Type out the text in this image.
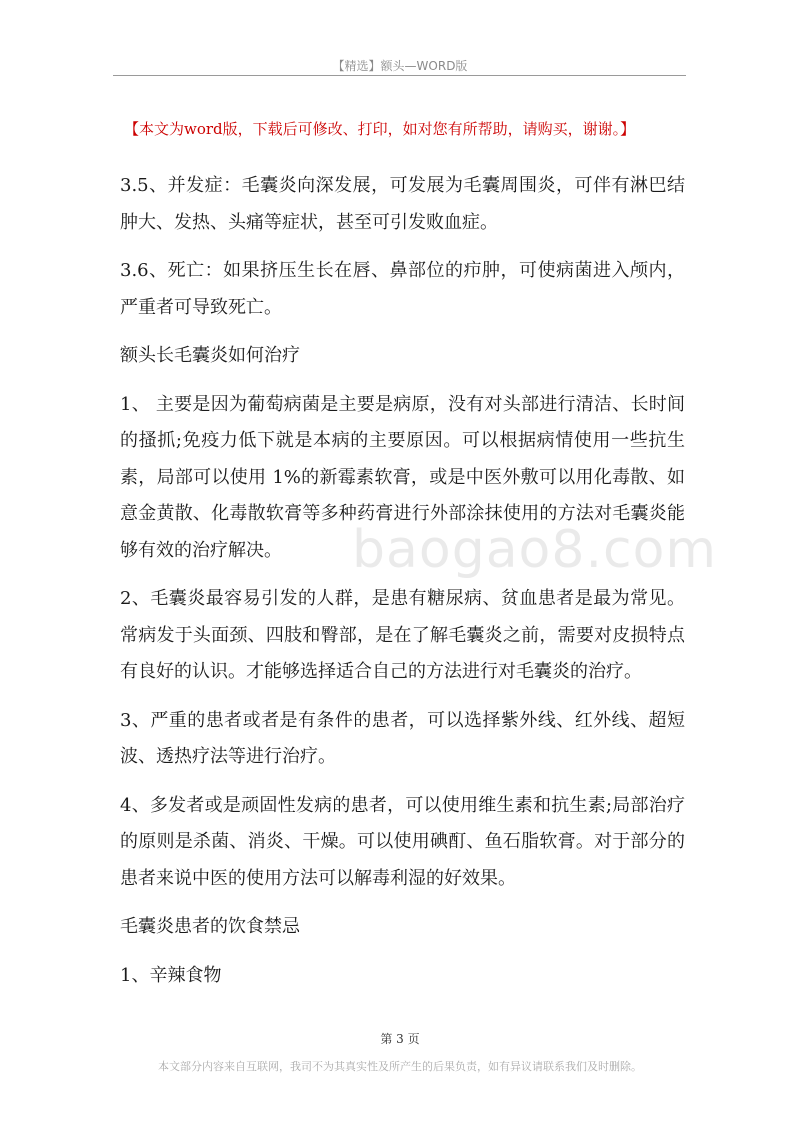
【精选】额头—WORD版
【本文为word版，下载后可修改、打印，如对您有所帮助，请购买，谢谢。】

3.5、并发症：毛囊炎向深发展，可发展为毛囊周围炎，可伴有淋巴结肿大、发热、头痛等症状，甚至可引发败血症。

3.6、死亡：如果挤压生长在唇、鼻部位的疖肿，可使病菌进入颅内，严重者可导致死亡。

额头长毛囊炎如何治疗

1、 主要是因为葡萄病菌是主要是病原，没有对头部进行清洁、长时间的搔抓;免疫力低下就是本病的主要原因。可以根据病情使用一些抗生素，局部可以使用 1%的新霉素软膏，或是中医外敷可以用化毒散、如意金黄散、化毒散软膏等多种药膏进行外部涂抹使用的方法对毛囊炎能够有效的治疗解决。

2、毛囊炎最容易引发的人群，是患有糖尿病、贫血患者是最为常见。常病发于头面颈、四肢和臀部，是在了解毛囊炎之前，需要对皮损特点有良好的认识。才能够选择适合自己的方法进行对毛囊炎的治疗。

3、严重的患者或者是有条件的患者，可以选择紫外线、红外线、超短波、透热疗法等进行治疗。

4、多发者或是顽固性发病的患者，可以使用维生素和抗生素;局部治疗的原则是杀菌、消炎、干燥。可以使用碘酊、鱼石脂软膏。对于部分的患者来说中医的使用方法可以解毒利湿的好效果。

毛囊炎患者的饮食禁忌

1、辛辣食物

baogao8.com
第 3 页
本文部分内容来自互联网，我司不为其真实性及所产生的后果负责，如有异议请联系我们及时删除。
